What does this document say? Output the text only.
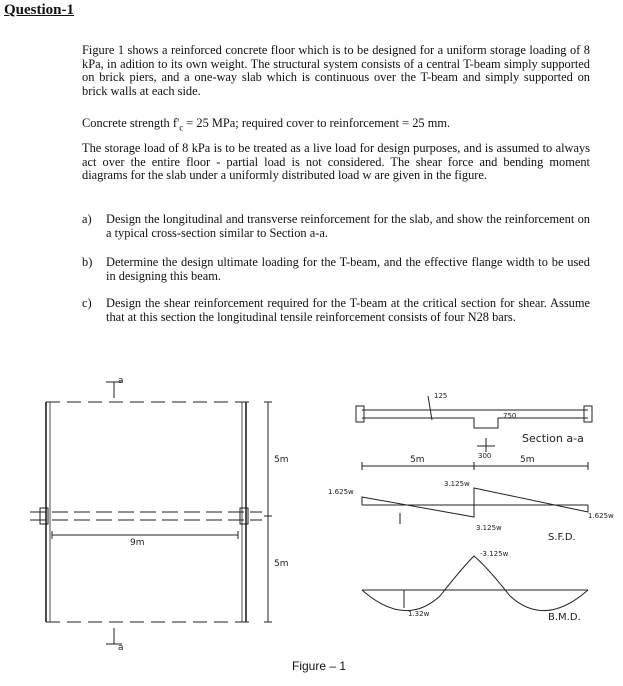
Question-1
Figure 1 shows a reinforced concrete floor which is to be designed for a uniform storage loading of 8 kPa, in adition to its own weight. The structural system consists of a central T-beam simply supported on brick piers, and a one-way slab which is continuous over the T-beam and simply supported on brick walls at each side.
Concrete strength $f'_c = 25$ MPa; required cover to reinforcement = 25 mm.
The storage load of 8 kPa is to be treated as a live load for design purposes, and is assumed to always act over the entire floor - partial load is not considered. The shear force and bending moment diagrams for the slab under a uniformly distributed load w are given in the figure.
a)	Design the longitudinal and transverse reinforcement for the slab, and show the reinforcement on a typical cross-section similar to Section a-a.
b)	Determine the design ultimate loading for the T-beam, and the effective flange width to be used in designing this beam.
c)	Design the shear reinforcement required for the T-beam at the critical section for shear. Assume that at this section the longitudinal tensile reinforcement consists of four N28 bars.
a
a
9m
5m
5m
125
750
300
5m	5m
Section a-a
1.625w
3.125w
3.125w
1.625w
S.F.D.
-3.125w
1.32w	B.M.D.
Figure – 1
